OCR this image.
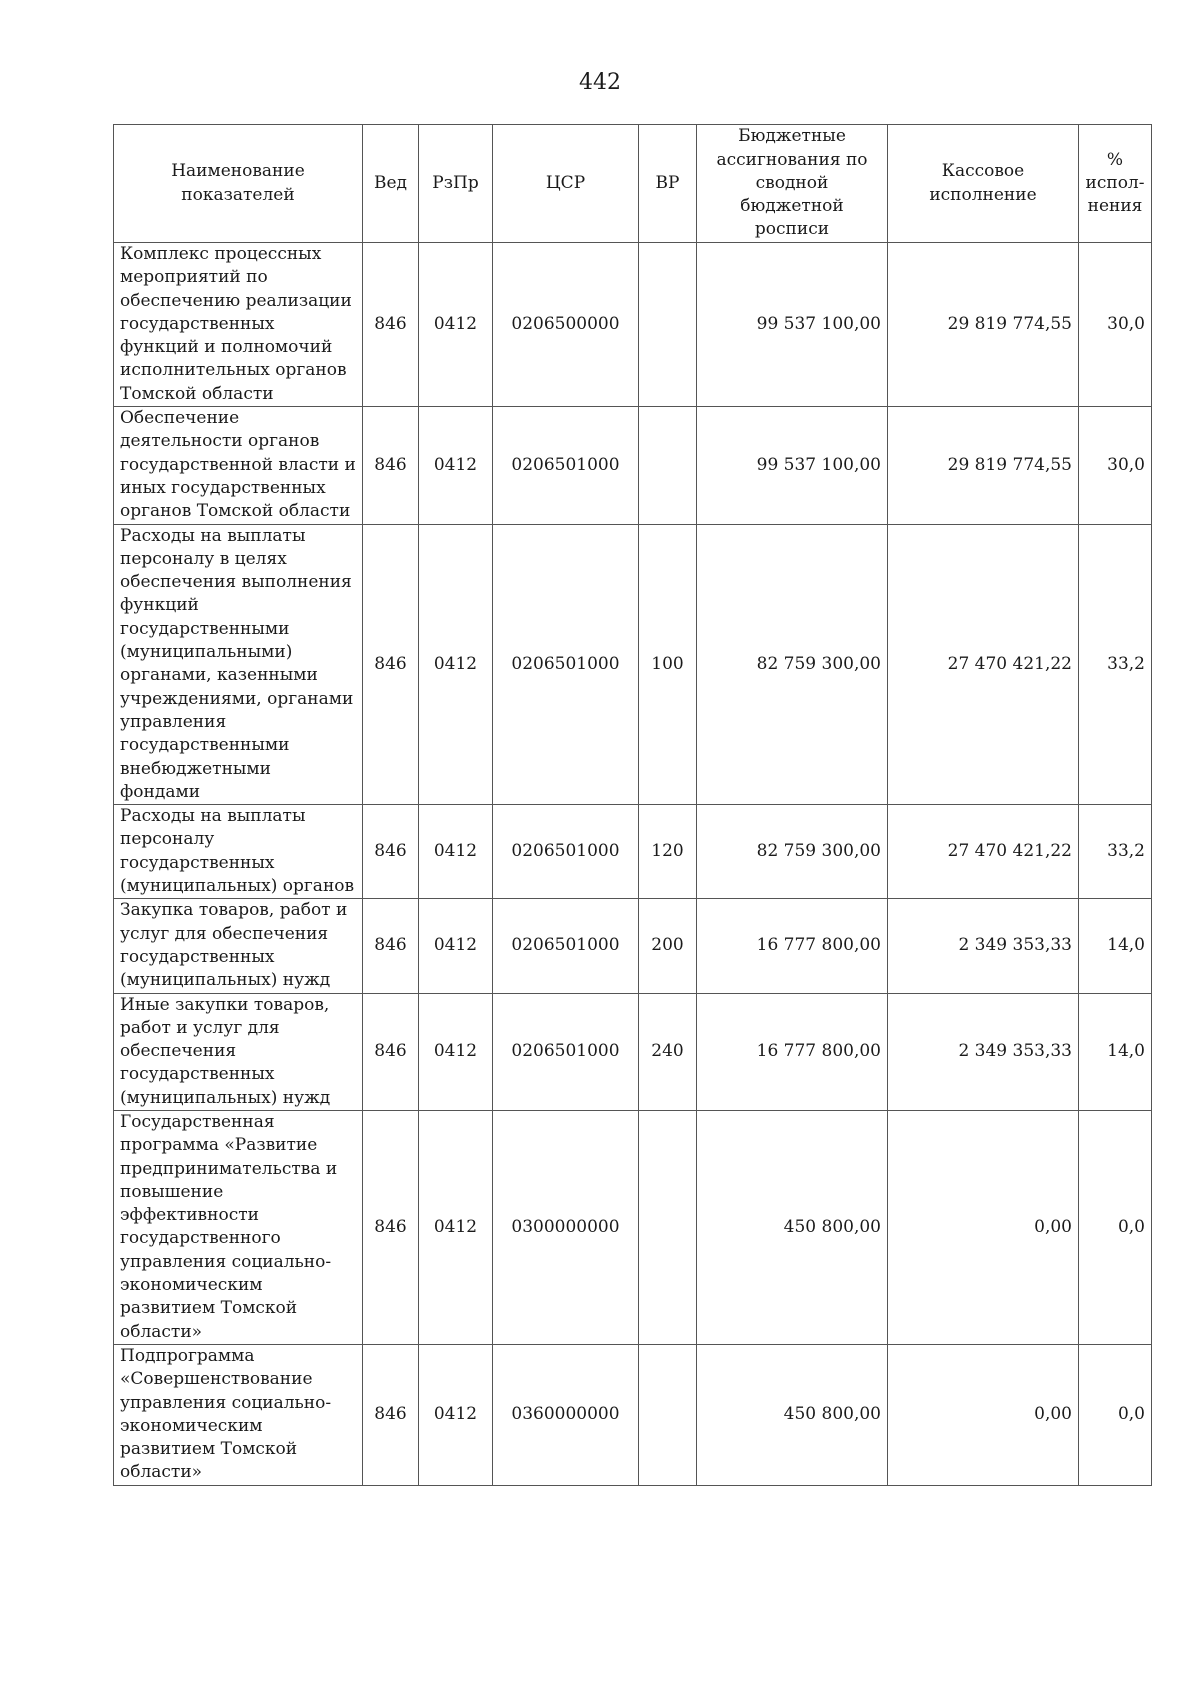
442
Наименование показателей	Вед	РзПр	ЦСР	ВР	Бюджетные ассигнования по сводной бюджетной росписи	Кассовое исполнение	% испол-нения
Комплекс процессных мероприятий по обеспечению реализации государственных функций и полномочий исполнительных органов Томской области	846	0412	0206500000		99 537 100,00	29 819 774,55	30,0
Обеспечение деятельности органов государственной власти и иных государственных органов Томской области	846	0412	0206501000		99 537 100,00	29 819 774,55	30,0
Расходы на выплаты персоналу в целях обеспечения выполнения функций государственными (муниципальными) органами, казенными учреждениями, органами управления государственными внебюджетными фондами	846	0412	0206501000	100	82 759 300,00	27 470 421,22	33,2
Расходы на выплаты персоналу государственных (муниципальных) органов	846	0412	0206501000	120	82 759 300,00	27 470 421,22	33,2
Закупка товаров, работ и услуг для обеспечения государственных (муниципальных) нужд	846	0412	0206501000	200	16 777 800,00	2 349 353,33	14,0
Иные закупки товаров, работ и услуг для обеспечения государственных (муниципальных) нужд	846	0412	0206501000	240	16 777 800,00	2 349 353,33	14,0
Государственная программа «Развитие предпринимательства и повышение эффективности государственного управления социально-экономическим развитием Томской области»	846	0412	0300000000		450 800,00	0,00	0,0
Подпрограмма «Совершенствование управления социально-экономическим развитием Томской области»	846	0412	0360000000		450 800,00	0,00	0,0
